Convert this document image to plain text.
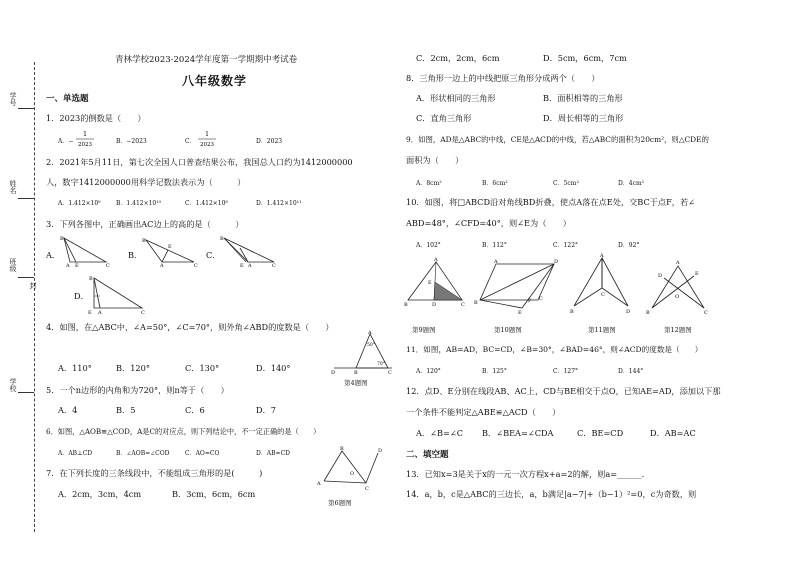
学号
姓名
班级
封
学校
青林学校2023-2024学年度第一学期期中考试卷
八年级数学
一、单选题
1．2023的倒数是（　　）
A．−
1
2023	B．−2023	C．
1
2023	D．2023
2．2021年5月11日，第七次全国人口普查结果公布，我国总人口约为1412000000
人，数字1412000000用科学记数法表示为（　　　）
A．1.412×10⁹	B．1.412×10¹⁰	C．1.412×10⁸	D．1.412×10¹¹
3．下列各图中，正确画出AC边上的高的是（　　　）
A．
B
A E	C
B．
B
A
E
C
C．
B
E A	C
D．
B
E A	C
4．如图，在△ABC中，∠A=50°，∠C=70°，则外角∠ABD的度数是（　　）
A．110°	B．120°	C．130°	D．140°
A
D	B	C
50°
70°
第4题图
5．一个n边形的内角和为720°，则n等于（　　）
A．4	B．5	C．6	D．7
6．如图，△AOB≌△COD，A是C的对应点，则下列结论中，不一定正确的是（　　）
A．AB⊥CD	B．∠AOB=∠COD	C．AO=CO	D．AB=CD
A
B
C
D
O
第6题图
7．在下列长度的三条线段中，不能组成三角形的是(　　　)
A．2cm，3cm，4cm	B．3cm，6cm，6cm
C．2cm，2cm，6cm	D．5cm，6cm，7cm
8．三角形一边上的中线把原三角形分成两个（　　）
A．形状相同的三角形	B．面积相等的三角形
C．直角三角形	D．周长相等的三角形
9．如图，AD是△ABC的中线，CE是△ACD的中线，若△ABC的面积为20cm²，则△CDE的
面积为（　　）
A．8cm²	B．6cm²	C．5cm²	D．4cm²
10．如图，将□ABCD沿对角线BD折叠，使点A落在点E处，交BC于点F，若∠
ABD=48°，∠CFD=40°，则∠E为（　　）
A．102°	B．112°	C．122°	D．92°
A
B	D	C
E
第9题图
A	D
B
C
E
F
第10题图
A
B
C
D
第11题图
A
D	E
O
B	C
第12题图
11．如图，AB=AD，BC=CD，∠B=30°，∠BAD=46°，则∠ACD的度数是（　　）
A．120°	B．125°	C．127°	D．144°
12．点D、E分别在线段AB、AC上，CD与BE相交于点O，已知AE=AD，添加以下那
一个条件不能判定△ABE≌△ACD（　　）
A．∠B=∠C B．∠BEA=∠CDA	C．BE=CD	D．AB=AC
二、填空题
13．已知x=3是关于x的一元一次方程x+a=2的解，则a=______.
14．a，b，c是△ABC的三边长，a，b满足|a−7|+（b−1）²=0，c为奇数，则
